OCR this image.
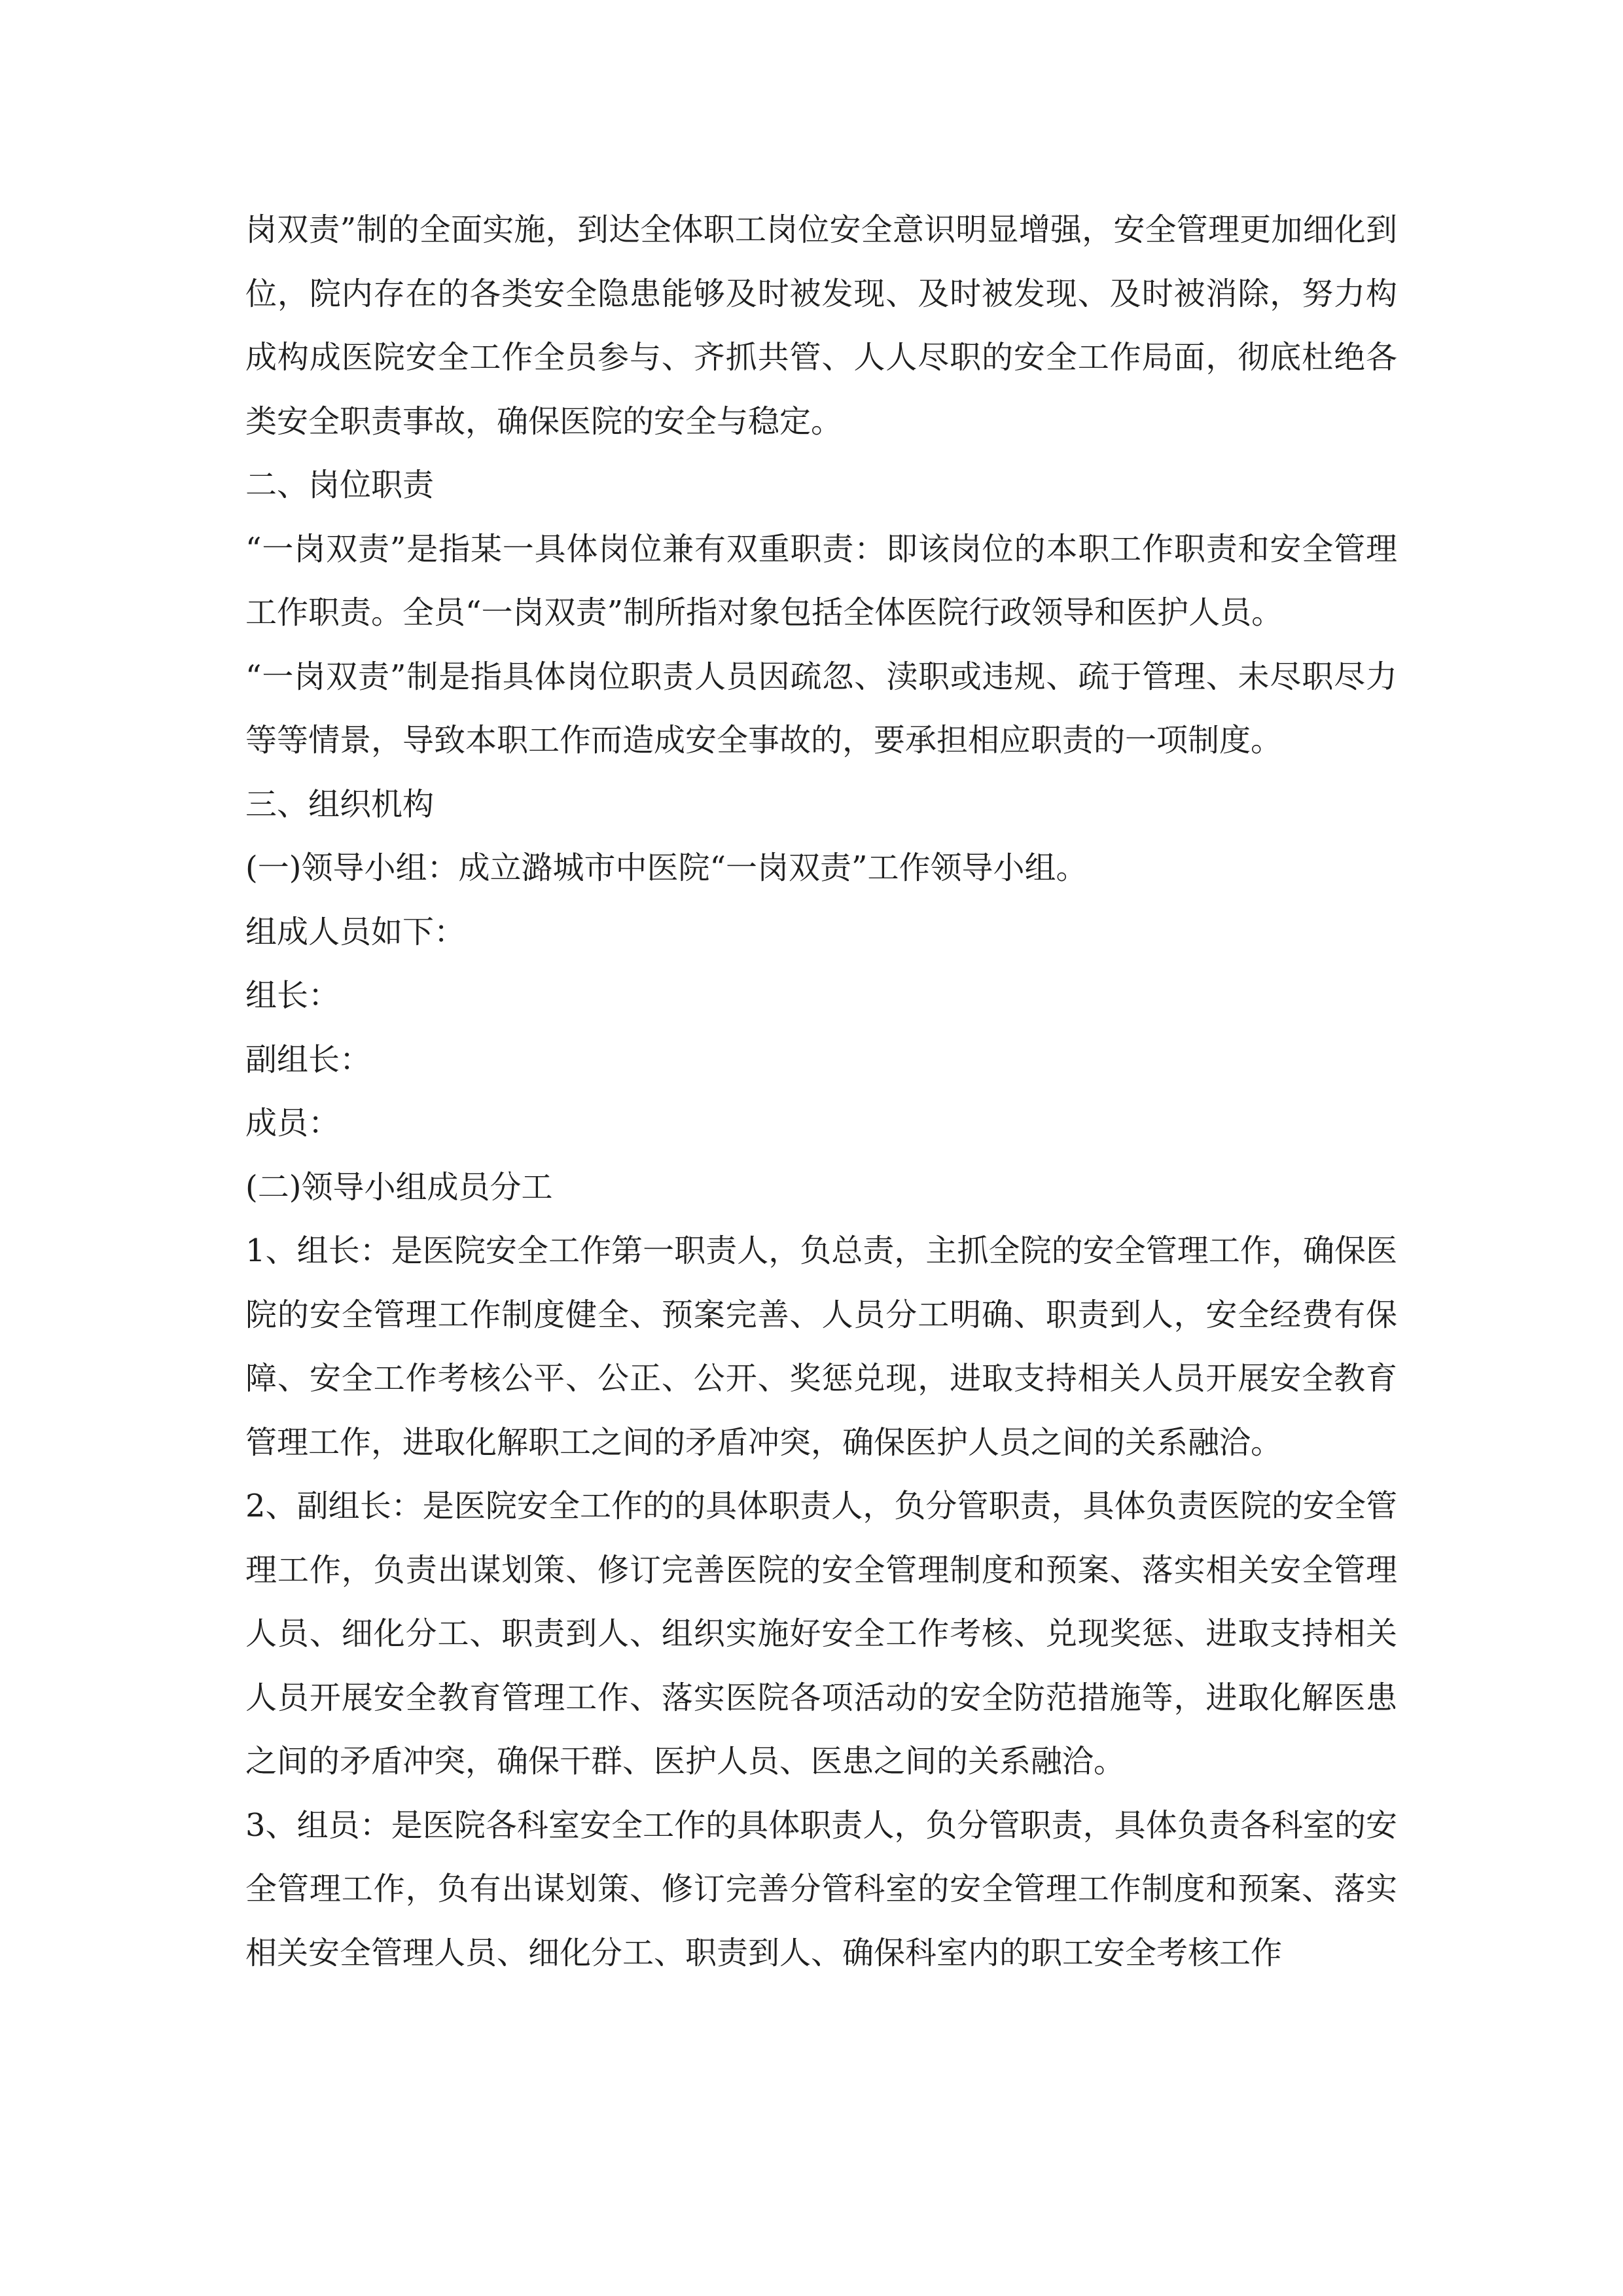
岗双责”制的全面实施，到达全体职工岗位安全意识明显增强，安全管理更加细化到位，院内存在的各类安全隐患能够及时被发现、及时被发现、及时被消除，努力构成构成医院安全工作全员参与、齐抓共管、人人尽职的安全工作局面，彻底杜绝各类安全职责事故，确保医院的安全与稳定。

二、岗位职责

“一岗双责”是指某一具体岗位兼有双重职责：即该岗位的本职工作职责和安全管理工作职责。全员“一岗双责”制所指对象包括全体医院行政领导和医护人员。

“一岗双责”制是指具体岗位职责人员因疏忽、渎职或违规、疏于管理、未尽职尽力等等情景，导致本职工作而造成安全事故的，要承担相应职责的一项制度。

三、组织机构

(一)领导小组：成立潞城市中医院“一岗双责”工作领导小组。

组成人员如下：

组长：

副组长：

成员：

(二)领导小组成员分工

1、组长：是医院安全工作第一职责人，负总责，主抓全院的安全管理工作，确保医院的安全管理工作制度健全、预案完善、人员分工明确、职责到人，安全经费有保障、安全工作考核公平、公正、公开、奖惩兑现，进取支持相关人员开展安全教育管理工作，进取化解职工之间的矛盾冲突，确保医护人员之间的关系融洽。

2、副组长：是医院安全工作的的具体职责人，负分管职责，具体负责医院的安全管理工作，负责出谋划策、修订完善医院的安全管理制度和预案、落实相关安全管理人员、细化分工、职责到人、组织实施好安全工作考核、兑现奖惩、进取支持相关人员开展安全教育管理工作、落实医院各项活动的安全防范措施等，进取化解医患之间的矛盾冲突，确保干群、医护人员、医患之间的关系融洽。

3、组员：是医院各科室安全工作的具体职责人，负分管职责，具体负责各科室的安全管理工作，负有出谋划策、修订完善分管科室的安全管理工作制度和预案、落实相关安全管理人员、细化分工、职责到人、确保科室内的职工安全考核工作
